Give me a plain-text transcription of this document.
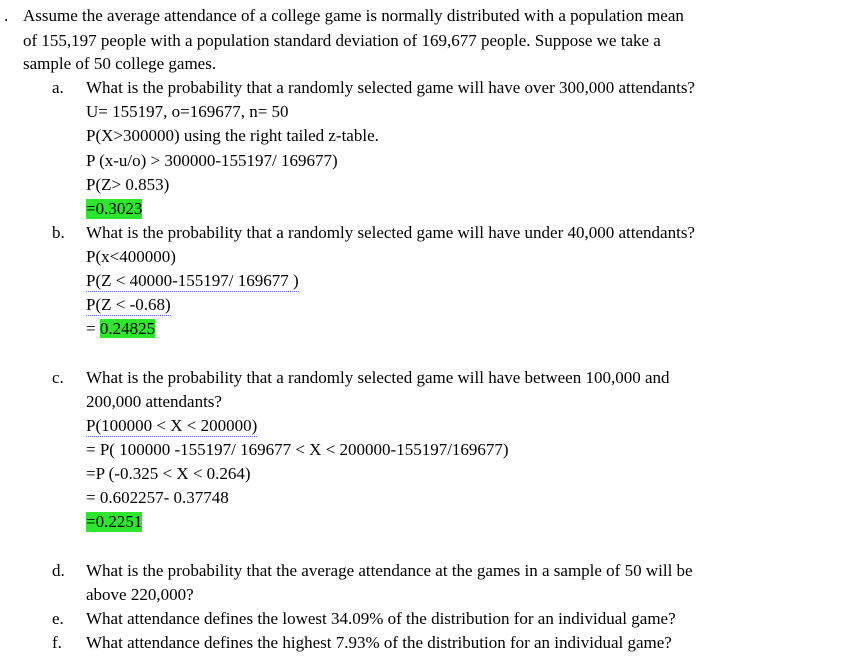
. Assume the average attendance of a college game is normally distributed with a population mean
of 155,197 people with a population standard deviation of 169,677 people. Suppose we take a
sample of 50 college games.
a. What is the probability that a randomly selected game will have over 300,000 attendants?
U= 155197, o=169677, n= 50
P(X>300000) using the right tailed z-table.
P (x-u/o) > 300000-155197/ 169677)
P(Z> 0.853)
=0.3023
b. What is the probability that a randomly selected game will have under 40,000 attendants?
P(x<400000)
P(Z < 40000-155197/ 169677 )
P(Z < -0.68)
= 0.24825
c. What is the probability that a randomly selected game will have between 100,000 and
200,000 attendants?
P(100000 < X < 200000)
= P( 100000 -155197/ 169677 < X < 200000-155197/169677)
=P (-0.325 < X < 0.264)
= 0.602257- 0.37748
=0.2251
d. What is the probability that the average attendance at the games in a sample of 50 will be
above 220,000?
e. What attendance defines the lowest 34.09% of the distribution for an individual game?
f. What attendance defines the highest 7.93% of the distribution for an individual game?
